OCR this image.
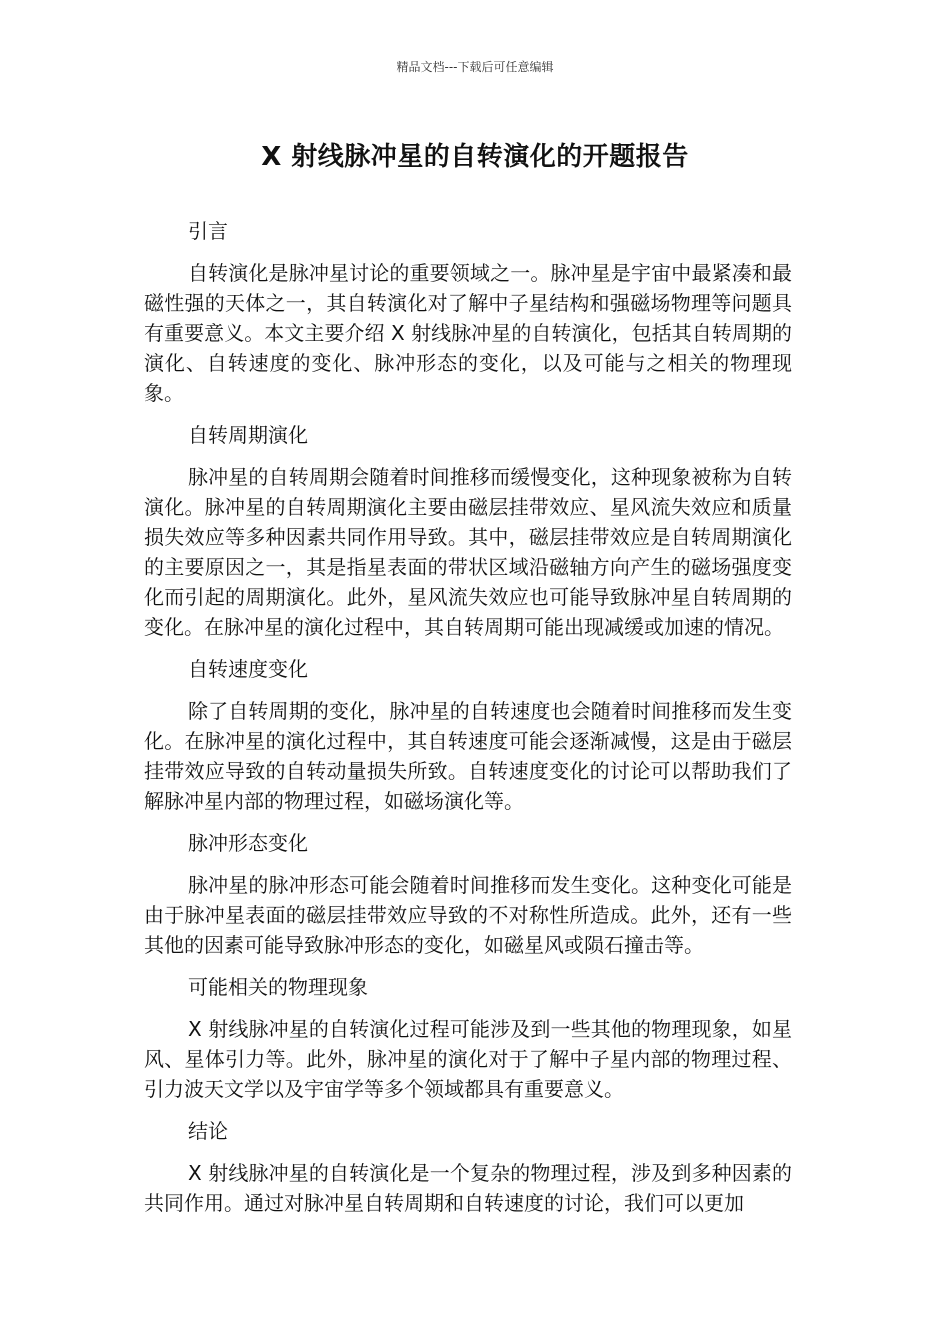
精品文档---下载后可任意编辑
X 射线脉冲星的自转演化的开题报告
引言
自转演化是脉冲星讨论的重要领域之一。脉冲星是宇宙中最紧凑和最磁性强的天体之一，其自转演化对了解中子星结构和强磁场物理等问题具有重要意义。本文主要介绍 X 射线脉冲星的自转演化，包括其自转周期的演化、自转速度的变化、脉冲形态的变化，以及可能与之相关的物理现象。
自转周期演化
脉冲星的自转周期会随着时间推移而缓慢变化，这种现象被称为自转演化。脉冲星的自转周期演化主要由磁层挂带效应、星风流失效应和质量损失效应等多种因素共同作用导致。其中，磁层挂带效应是自转周期演化的主要原因之一，其是指星表面的带状区域沿磁轴方向产生的磁场强度变化而引起的周期演化。此外，星风流失效应也可能导致脉冲星自转周期的变化。在脉冲星的演化过程中，其自转周期可能出现减缓或加速的情况。
自转速度变化
除了自转周期的变化，脉冲星的自转速度也会随着时间推移而发生变化。在脉冲星的演化过程中，其自转速度可能会逐渐减慢，这是由于磁层挂带效应导致的自转动量损失所致。自转速度变化的讨论可以帮助我们了解脉冲星内部的物理过程，如磁场演化等。
脉冲形态变化
脉冲星的脉冲形态可能会随着时间推移而发生变化。这种变化可能是由于脉冲星表面的磁层挂带效应导致的不对称性所造成。此外，还有一些其他的因素可能导致脉冲形态的变化，如磁星风或陨石撞击等。
可能相关的物理现象
X 射线脉冲星的自转演化过程可能涉及到一些其他的物理现象，如星风、星体引力等。此外，脉冲星的演化对于了解中子星内部的物理过程、引力波天文学以及宇宙学等多个领域都具有重要意义。
结论
X 射线脉冲星的自转演化是一个复杂的物理过程，涉及到多种因素的共同作用。通过对脉冲星自转周期和自转速度的讨论，我们可以更加
